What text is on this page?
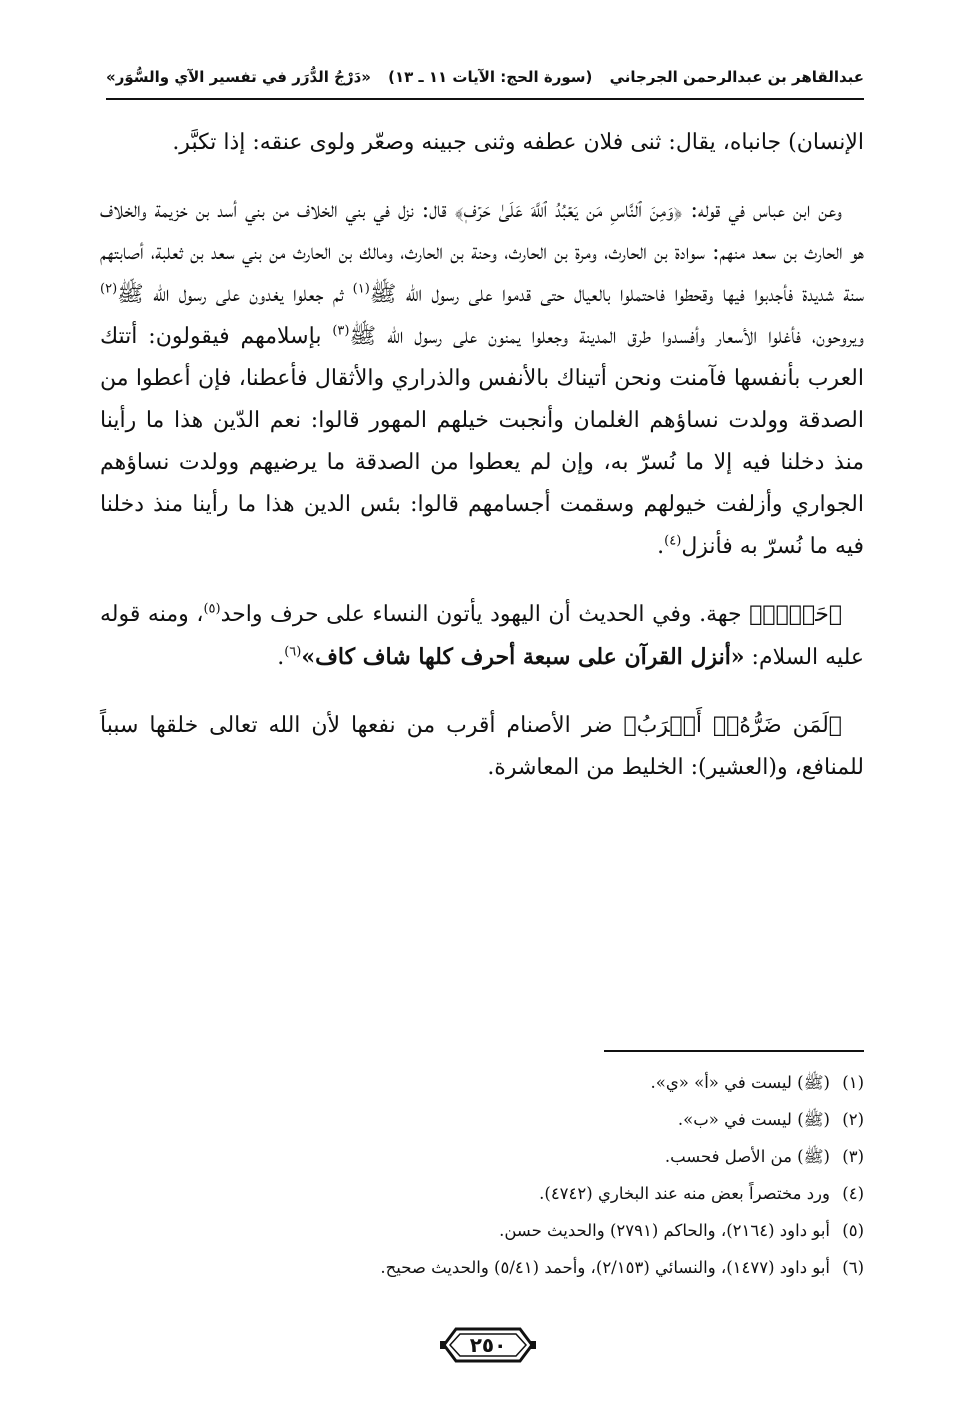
عبدالقاهر بن عبدالرحمن الجرجاني
(سورة الحج: الآيات ١١ ـ ١٣)
«دَرْجُ الدُّرَر في تفسير الآي والسُّوَر»

الإنسان) جانباه، يقال: ثنى فلان عطفه وثنى جبينه وصعّر ولوى عنقه: إذا تكبَّر.

وعن ابن عباس في قوله: ﴿وَمِنَ ٱلنَّاسِ مَن يَعۡبُدُ ٱللَّهَ عَلَىٰ حَرۡفٖ﴾ قال: نزل في بني الخلاف من بني أسد بن خزيمة والخلاف هو الحارث بن سعد منهم: سوادة بن الحارث، ومرة بن الحارث، وحنة بن الحارث، ومالك بن الحارث من بني سعد بن ثعلبة، أصابتهم سنة شديدة فأجدبوا فيها وقحطوا فاحتملوا بالعيال حتى قدموا على رسول الله ﷺ$^{(١)}$ ثم جعلوا يغدون على رسول الله ﷺ$^{(٢)}$ ويروحون، فأغلوا الأسعار وأفسدوا طرق المدينة وجعلوا يمنون على رسول الله ﷺ$^{(٣)}$ بإسلامهم فيقولون: أتتك العرب بأنفسها فآمنت ونحن أتيناك بالأنفس والذراري والأثقال فأعطنا، فإن أعطوا من الصدقة وولدت نساؤهم الغلمان وأنجبت خيلهم المهور قالوا: نعم الدّين هذا ما رأينا منذ دخلنا فيه إلا ما نُسرّ به، وإن لم يعطوا من الصدقة ما يرضيهم وولدت نساؤهم الجواري وأزلفت خيولهم وسقمت أجسامهم قالوا: بئس الدين هذا ما رأينا منذ دخلنا فيه ما نُسرّ به فأنزل$^{(٤)}$.

﴿حَرۡفٖ﴾ جهة. وفي الحديث أن اليهود يأتون النساء على حرف واحد$^{(٥)}$، ومنه قوله عليه السلام: «أنزل القرآن على سبعة أحرف كلها شاف كاف»$^{(٦)}$.

﴿لَمَن ضَرُّهُۥٓ أَقۡرَبُ﴾ ضر الأصنام أقرب من نفعها لأن الله تعالى خلقها سبباً للمنافع، و(العشير): الخليط من المعاشرة.

(١)(ﷺ) ليست في «أ» «ي».
(٢)(ﷺ) ليست في «ب».
(٣)(ﷺ) من الأصل فحسب.
(٤)ورد مختصراً بعض منه عند البخاري (٤٧٤٢).
(٥)أبو داود (٢١٦٤)، والحاكم (٢٧٩١) والحديث حسن.
(٦)أبو داود (١٤٧٧)، والنسائي (٢/١٥٣)، وأحمد (٥/٤١) والحديث صحيح.
٢٥٠
